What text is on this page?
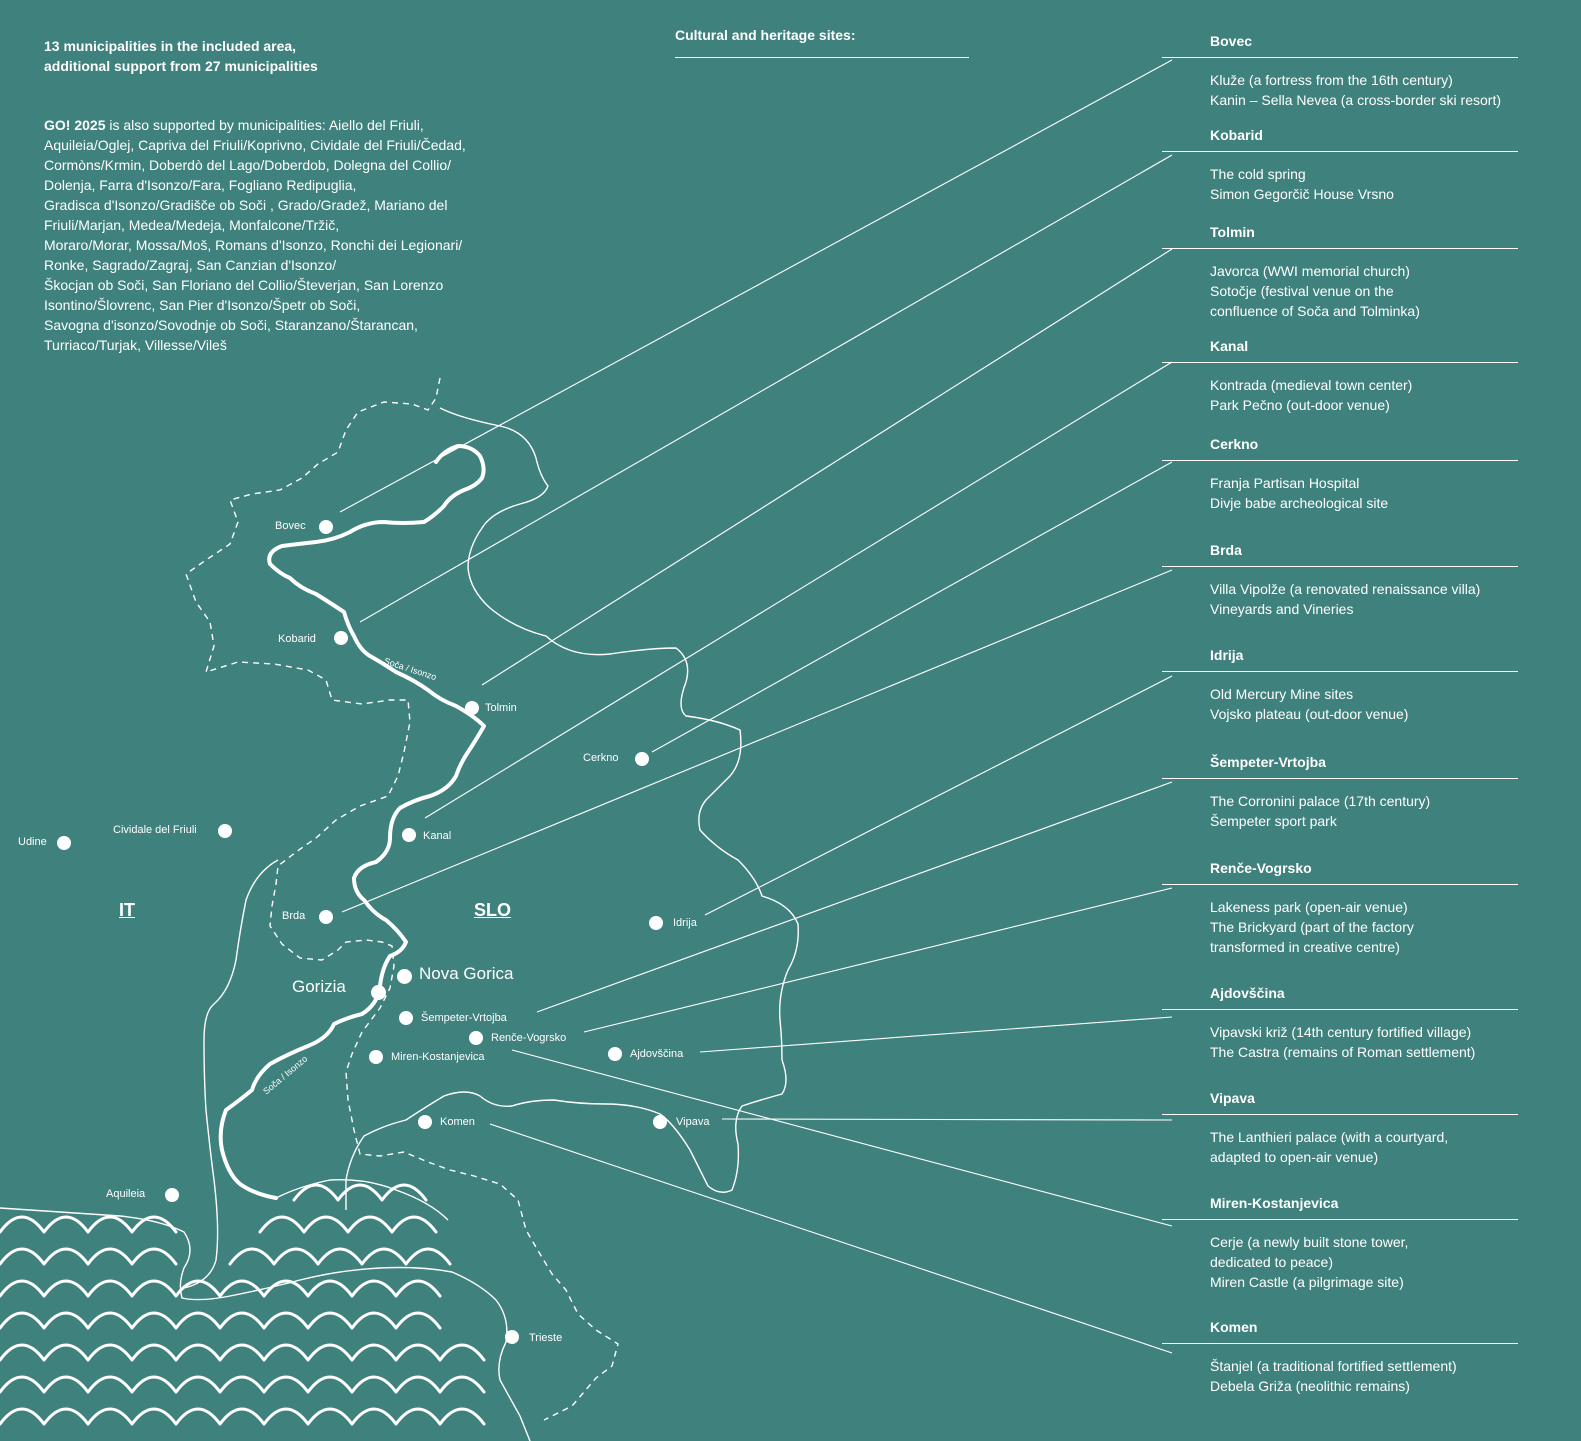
13 municipalities in the included area,
additional support from 27 municipalities
GO! 2025 is also supported by municipalities: Aiello del Friuli,
Aquileia/Oglej, Capriva del Friuli/Koprivno, Cividale del Friuli/Čedad,
Cormòns/Krmin, Doberdò del Lago/Doberdob, Dolegna del Collio/
Dolenja, Farra d'Isonzo/Fara, Fogliano Redipuglia,
Gradisca d'Isonzo/Gradišče ob Soči , Grado/Gradež, Mariano del
Friuli/Marjan, Medea/Medeja, Monfalcone/Tržič,
Moraro/Morar, Mossa/Moš, Romans d'Isonzo, Ronchi dei Legionari/
Ronke, Sagrado/Zagraj, San Canzian d'Isonzo/
Škocjan ob Soči, San Floriano del Collio/Števerjan, San Lorenzo
Isontino/Šlovrenc, San Pier d'Isonzo/Špetr ob Soči,
Savogna d'isonzo/Sovodnje ob Soči, Staranzano/Štarancan,
Turriaco/Turjak, Villesse/Vileš
Cultural and heritage sites:	Bovec
Kluže (a fortress from the 16th century)
Kanin – Sella Nevea (a cross-border ski resort)
Kobarid
The cold spring
Simon Gegorčič House Vrsno
Tolmin
Javorca (WWI memorial church)
Sotočje (festival venue on the
confluence of Soča and Tolminka)
Kanal
Kontrada (medieval town center)
Park Pečno (out-door venue)
Cerkno
Franja Partisan Hospital
Divje babe archeological site
Brda
Villa Vipolže (a renovated renaissance villa)
Vineyards and Vineries
Idrija
Old Mercury Mine sites
Vojsko plateau (out-door venue)
Šempeter-Vrtojba
The Corronini palace (17th century)
Šempeter sport park
Renče-Vogrsko
Lakeness park (open-air venue)
The Brickyard (part of the factory
transformed in creative centre)
Ajdovščina
Vipavski križ (14th century fortified village)
The Castra (remains of Roman settlement)
Vipava
The Lanthieri palace (with a courtyard,
adapted to open-air venue)
Miren-Kostanjevica
Cerje (a newly built stone tower,
dedicated to peace)
Miren Castle (a pilgrimage site)
Komen
Štanjel (a traditional fortified settlement)
Debela Griža (neolithic remains)
IT	SLO
Soča / Isonzo
Soča / Isonzo
Bovec
Kobarid
Tolmin
Cerkno
Kanal
Cividale del Friuli
Udine
Brda
Idrija
Nova Gorica
Gorizia
Šempeter-Vrtojba
Renče-Vogrsko
Miren-Kostanjevica	Ajdovščina
Komen	Vipava
Aquileia
Trieste
